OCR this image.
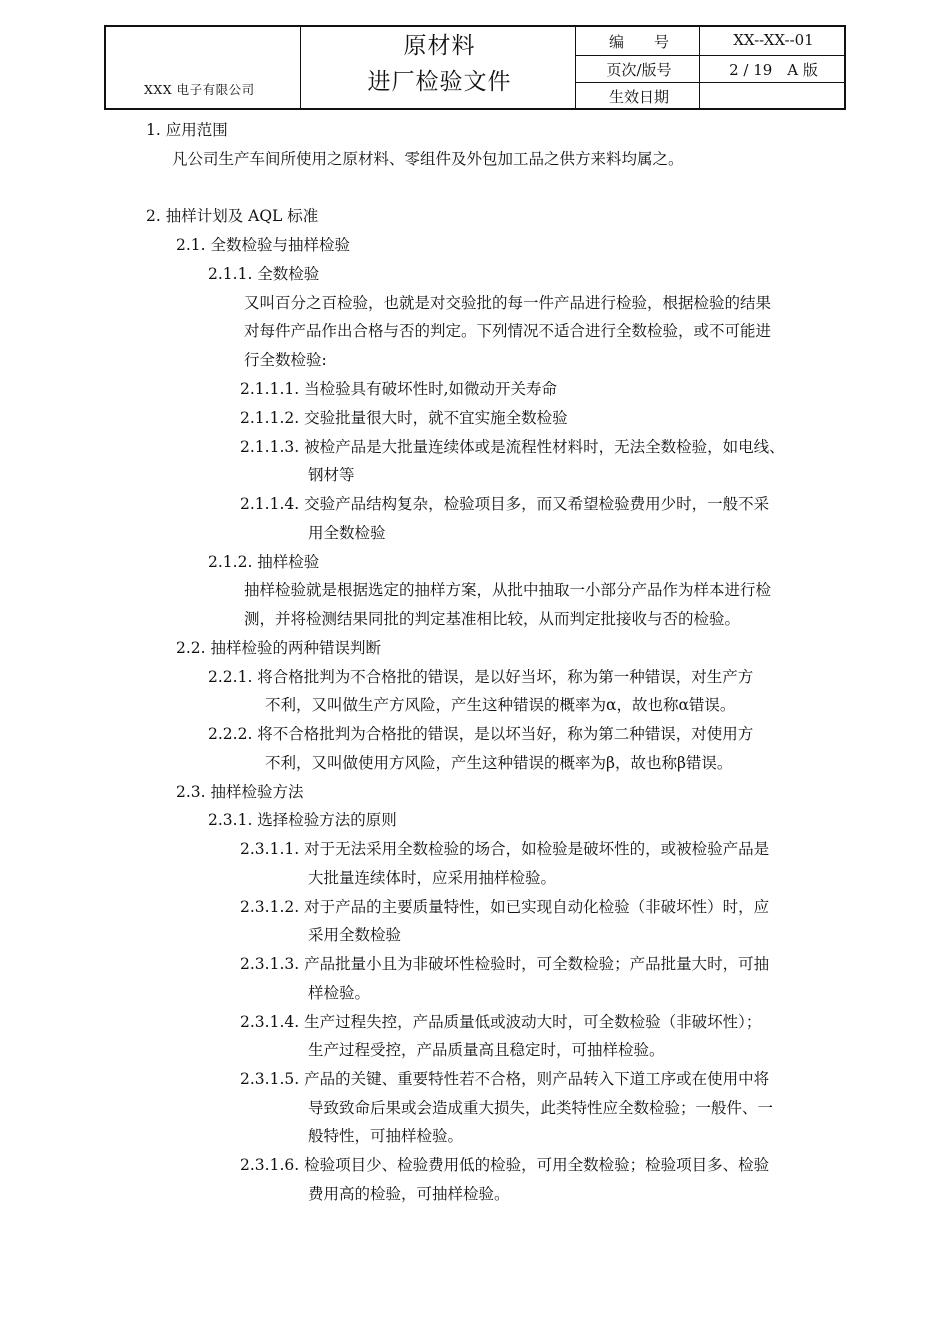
XXX 电子有限公司
原材料
进厂检验文件
编　　号	XX--XX--01
页次/版号	2 / 19　A 版
生效日期
1. 应用范围
凡公司生产车间所使用之原材料、零组件及外包加工品之供方来料均属之。
2. 抽样计划及 AQL 标准
2.1. 全数检验与抽样检验
2.1.1. 全数检验
又叫百分之百检验，也就是对交验批的每一件产品进行检验，根据检验的结果
对每件产品作出合格与否的判定。下列情况不适合进行全数检验，或不可能进
行全数检验:
2.1.1.1. 当检验具有破坏性时,如微动开关寿命
2.1.1.2. 交验批量很大时，就不宜实施全数检验
2.1.1.3. 被检产品是大批量连续体或是流程性材料时，无法全数检验，如电线、
钢材等
2.1.1.4. 交验产品结构复杂，检验项目多，而又希望检验费用少时，一般不采
用全数检验
2.1.2. 抽样检验
抽样检验就是根据选定的抽样方案，从批中抽取一小部分产品作为样本进行检
测，并将检测结果同批的判定基准相比较，从而判定批接收与否的检验。
2.2. 抽样检验的两种错误判断
2.2.1. 将合格批判为不合格批的错误，是以好当坏，称为第一种错误，对生产方
不利，又叫做生产方风险，产生这种错误的概率为α，故也称α错误。
2.2.2. 将不合格批判为合格批的错误，是以坏当好，称为第二种错误，对使用方
不利，又叫做使用方风险，产生这种错误的概率为β，故也称β错误。
2.3. 抽样检验方法
2.3.1. 选择检验方法的原则
2.3.1.1. 对于无法采用全数检验的场合，如检验是破坏性的，或被检验产品是
大批量连续体时，应采用抽样检验。
2.3.1.2. 对于产品的主要质量特性，如已实现自动化检验（非破坏性）时，应
采用全数检验
2.3.1.3. 产品批量小且为非破坏性检验时，可全数检验；产品批量大时，可抽
样检验。
2.3.1.4. 生产过程失控，产品质量低或波动大时，可全数检验（非破坏性）；
生产过程受控，产品质量高且稳定时，可抽样检验。
2.3.1.5. 产品的关键、重要特性若不合格，则产品转入下道工序或在使用中将
导致致命后果或会造成重大损失，此类特性应全数检验；一般件、一
般特性，可抽样检验。
2.3.1.6. 检验项目少、检验费用低的检验，可用全数检验；检验项目多、检验
费用高的检验，可抽样检验。
